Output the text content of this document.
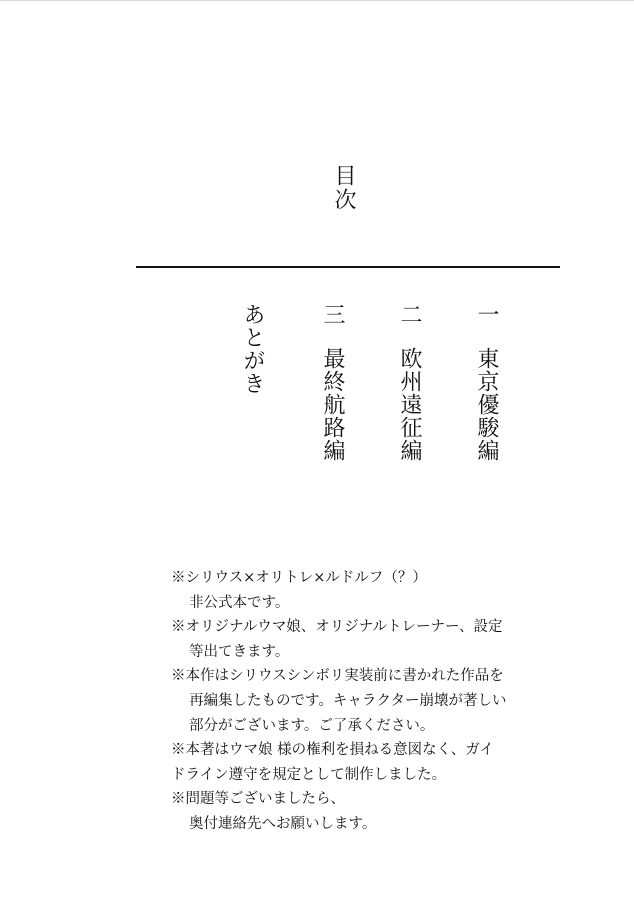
目次
一
東京優駿編
二
欧州遠征編
三
最終航路編
あとがき
※シリウス×オリトレ×ルドルフ（？）
非公式本です。
※オリジナルウマ娘、オリジナルトレーナー、設定
等出てきます。
※本作はシリウスシンボリ実装前に書かれた作品を
再編集したものです。キャラクター崩壊が著しい
部分がございます。ご了承ください。
※本著はウマ娘 様の権利を損ねる意図なく、ガイ
ドライン遵守を規定として制作しました。
※問題等ございましたら、
奥付連絡先へお願いします。
